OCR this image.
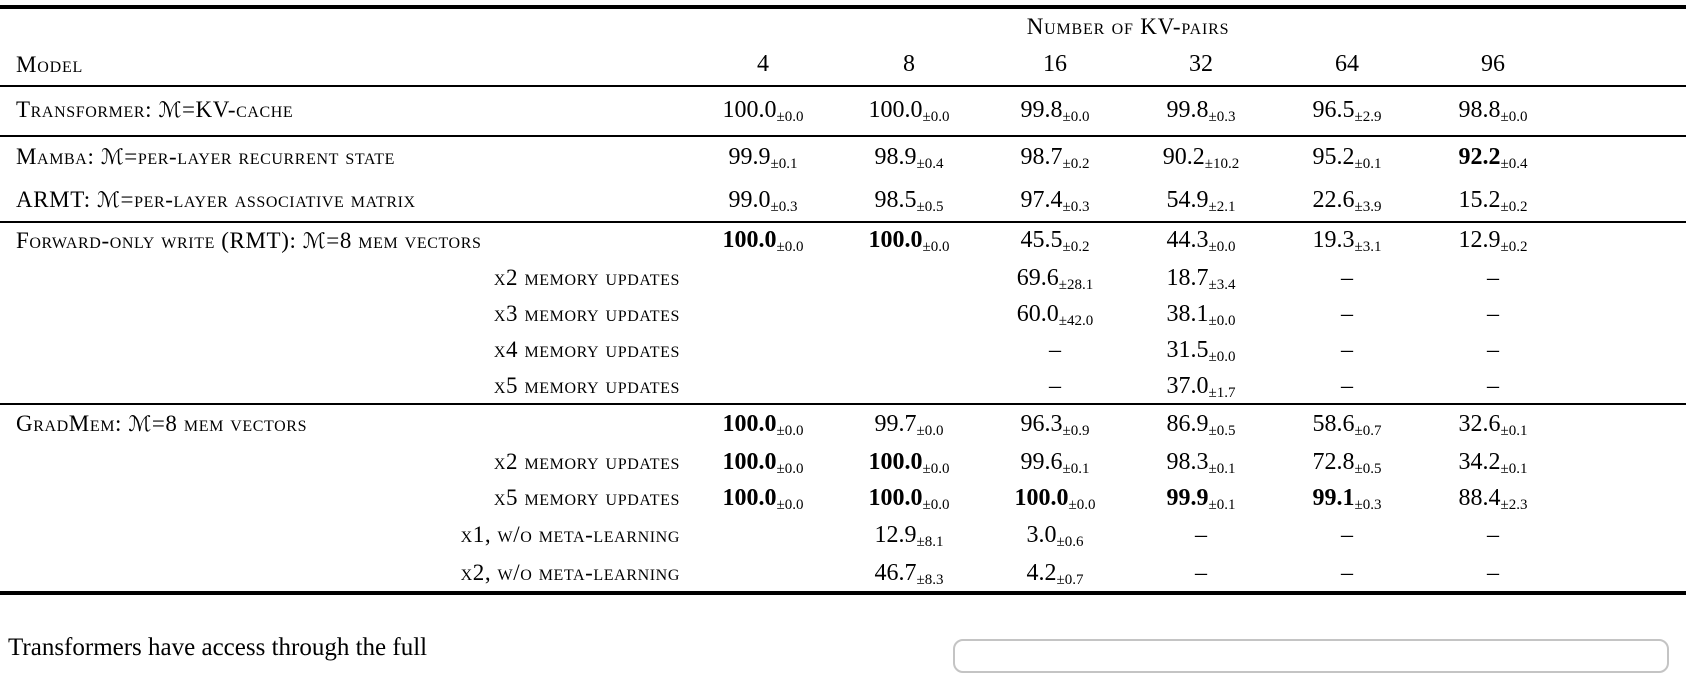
	Number of KV-pairs						
Model	4	8	16	32	64	96	
Transformer: ℳ=KV-cache	100.0±0.0	100.0±0.0	99.8±0.0	99.8±0.3	96.5±2.9	98.8±0.0	
Mamba: ℳ=per-layer recurrent state	99.9±0.1	98.9±0.4	98.7±0.2	90.2±10.2	95.2±0.1	92.2±0.4	
ARMT: ℳ=per-layer associative matrix	99.0±0.3	98.5±0.5	97.4±0.3	54.9±2.1	22.6±3.9	15.2±0.2	
Forward-only write (RMT): ℳ=8 mem vectors	100.0±0.0	100.0±0.0	45.5±0.2	44.3±0.0	19.3±3.1	12.9±0.2	
x2 memory updates			69.6±28.1	18.7±3.4	–	–	
x3 memory updates			60.0±42.0	38.1±0.0	–	–	
x4 memory updates			–	31.5±0.0	–	–	
x5 memory updates			–	37.0±1.7	–	–	
GradMem: ℳ=8 mem vectors	100.0±0.0	99.7±0.0	96.3±0.9	86.9±0.5	58.6±0.7	32.6±0.1	
x2 memory updates	100.0±0.0	100.0±0.0	99.6±0.1	98.3±0.1	72.8±0.5	34.2±0.1	
x5 memory updates	100.0±0.0	100.0±0.0	100.0±0.0	99.9±0.1	99.1±0.3	88.4±2.3	
x1, w/o meta-learning		12.9±8.1	3.0±0.6	–	–	–	
x2, w/o meta-learning		46.7±8.3	4.2±0.7	–	–	–	
Transformers have access through the full
